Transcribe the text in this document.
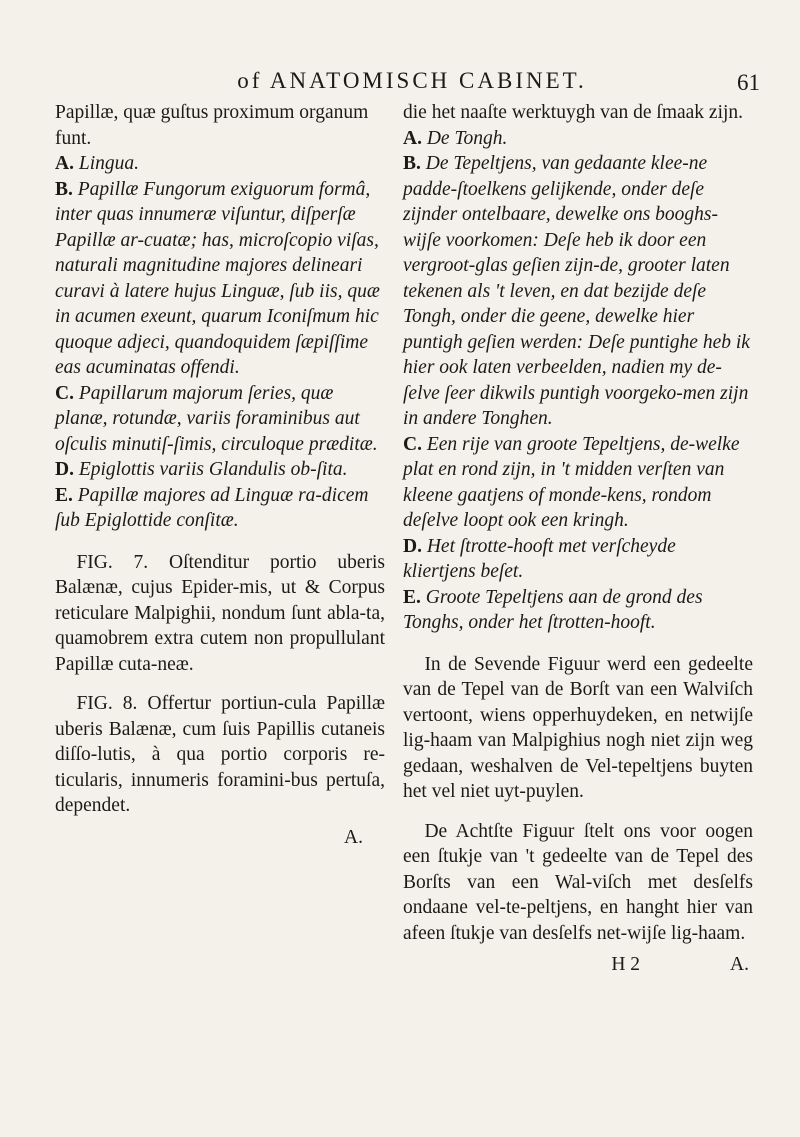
of ANATOMISCH CABINET.	61

Papillæ, quæ guſtus proximum organum funt.

A. Lingua.

B. Papillæ Fungorum exiguorum formâ, inter quas innumeræ viſuntur, diſperſæ Papillæ ar-cuatæ; has, microſcopio viſas, naturali magnitudine majores delineari curavi à latere hujus Linguæ, ſub iis, quæ in acumen exeunt, quarum Iconiſmum hic quoque adjeci, quandoquidem ſæpiſſime eas acuminatas offendi.

C. Papillarum majorum ſeries, quæ planæ, rotundæ, variis foraminibus aut oſculis minutiſ-ſimis, circuloque præditæ.

D. Epiglottis variis Glandulis ob-ſita.

E. Papillæ majores ad Linguæ ra-dicem ſub Epiglottide conſitæ.

FIG. 7. Oſtenditur portio uberis Balænæ, cujus Epider-mis, ut & Corpus reticulare Malpighii, nondum ſunt abla-ta, quamobrem extra cutem non propullulant Papillæ cuta-neæ.

FIG. 8. Offertur portiun-cula Papillæ uberis Balænæ, cum ſuis Papillis cutaneis diſſo-lutis, à qua portio corporis re-ticularis, innumeris foramini-bus pertuſa, dependet.

A.

die het naaſte werktuygh van de ſmaak zijn.

A. De Tongh.

B. De Tepeltjens, van gedaante klee-ne padde-ſtoelkens gelijkende, onder deſe zijnder ontelbaare, dewelke ons booghs-wijſe voorkomen: Deſe heb ik door een vergroot-glas geſien zijn-de, grooter laten tekenen als 't leven, en dat bezijde deſe Tongh, onder die geene, dewelke hier puntigh geſien werden: Deſe puntighe heb ik hier ook laten verbeelden, nadien my de-ſelve ſeer dikwils puntigh voorgeko-men zijn in andere Tonghen.

C. Een rije van groote Tepeltjens, de-welke plat en rond zijn, in 't midden verſten van kleene gaatjens of monde-kens, rondom deſelve loopt ook een kringh.

D. Het ſtrotte-hooft met verſcheyde kliertjens beſet.

E. Groote Tepeltjens aan de grond des Tonghs, onder het ſtrotten-hooft.

In de Sevende Figuur werd een gedeelte van de Tepel van de Borſt van een Walviſch vertoont, wiens opperhuydeken, en netwijſe lig-haam van Malpighius nogh niet zijn weg gedaan, weshalven de Vel-tepeltjens buyten het vel niet uyt-puylen.

De Achtſte Figuur ſtelt ons voor oogen een ſtukje van 't gedeelte van de Tepel des Borſts van een Wal-viſch met desſelfs ondaane vel-te-peltjens, en hanght hier van afeen ſtukje van desſelfs net-wijſe lig-haam.

H 2	A.
